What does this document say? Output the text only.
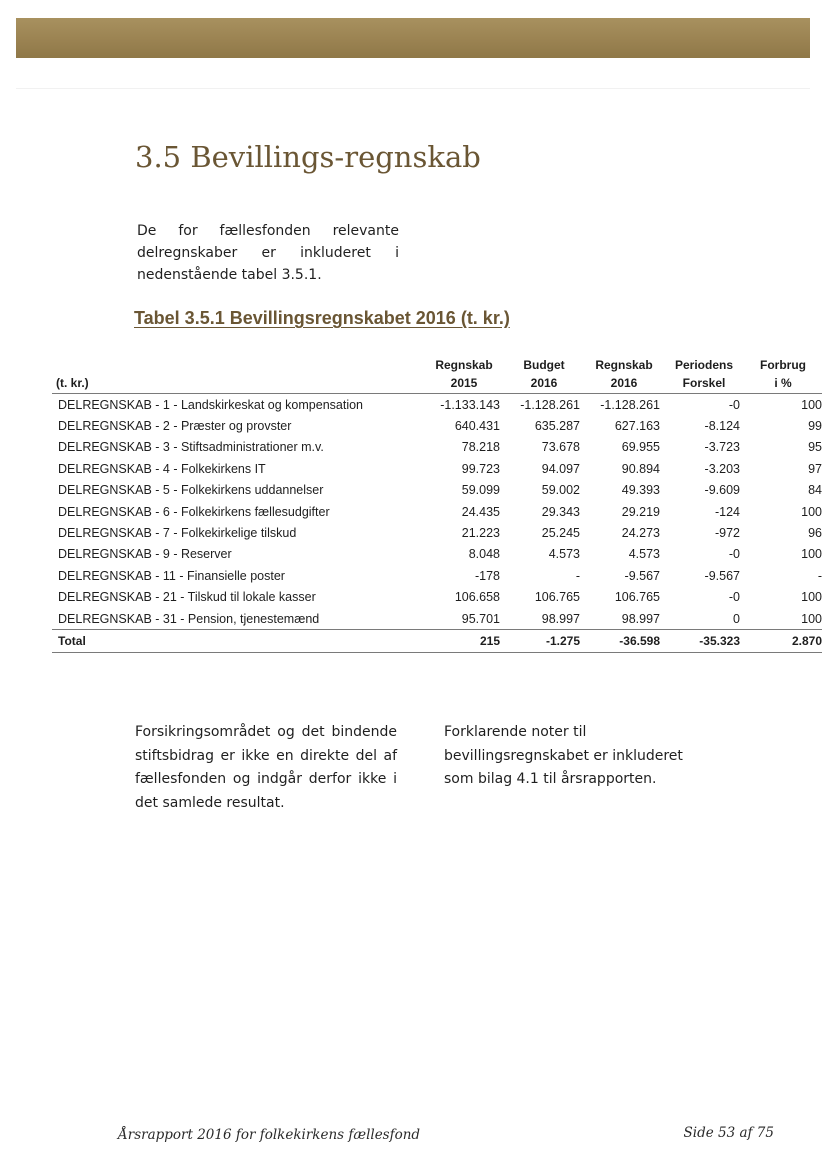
3.5 Bevillings-regnskab

De for fællesfonden relevante delregnskaber er inkluderet i nedenstående tabel 3.5.1.

Tabel 3.5.1 Bevillingsregnskabet 2016 (t. kr.)
	Regnskab	Budget	Regnskab	Periodens	Forbrug
(t. kr.)	2015	2016	2016	Forskel	i %
DELREGNSKAB - 1 - Landskirkeskat og kompensation	-1.133.143	-1.128.261	-1.128.261	-0	100
DELREGNSKAB - 2 - Præster og provster	640.431	635.287	627.163	-8.124	99
DELREGNSKAB - 3 - Stiftsadministrationer m.v.	78.218	73.678	69.955	-3.723	95
DELREGNSKAB - 4 - Folkekirkens IT	99.723	94.097	90.894	-3.203	97
DELREGNSKAB - 5 - Folkekirkens uddannelser	59.099	59.002	49.393	-9.609	84
DELREGNSKAB - 6 - Folkekirkens fællesudgifter	24.435	29.343	29.219	-124	100
DELREGNSKAB - 7 - Folkekirkelige tilskud	21.223	25.245	24.273	-972	96
DELREGNSKAB - 9 - Reserver	8.048	4.573	4.573	-0	100
DELREGNSKAB - 11 - Finansielle poster	-178	-	-9.567	-9.567	-
DELREGNSKAB - 21 - Tilskud til lokale kasser	106.658	106.765	106.765	-0	100
DELREGNSKAB - 31 - Pension, tjenestemænd	95.701	98.997	98.997	0	100
Total	215	-1.275	-36.598	-35.323	2.870

Forsikringsområdet og det bindende stiftsbidrag er ikke en direkte del af fællesfonden og indgår derfor ikke i det samlede resultat.

Forklarende noter til bevillingsregnskabet er inkluderet som bilag 4.1 til årsrapporten.

Årsrapport 2016 for folkekirkens fællesfond	Side 53 af 75
